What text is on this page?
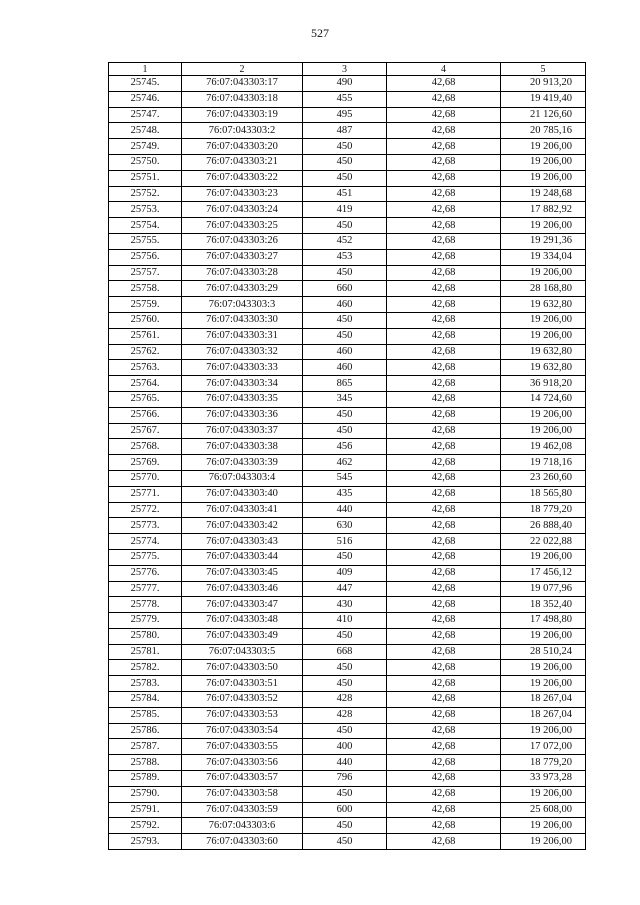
527
1	2	3	4	5
25745.	76:07:043303:17	490	42,68	20 913,20
25746.	76:07:043303:18	455	42,68	19 419,40
25747.	76:07:043303:19	495	42,68	21 126,60
25748.	76:07:043303:2	487	42,68	20 785,16
25749.	76:07:043303:20	450	42,68	19 206,00
25750.	76:07:043303:21	450	42,68	19 206,00
25751.	76:07:043303:22	450	42,68	19 206,00
25752.	76:07:043303:23	451	42,68	19 248,68
25753.	76:07:043303:24	419	42,68	17 882,92
25754.	76:07:043303:25	450	42,68	19 206,00
25755.	76:07:043303:26	452	42,68	19 291,36
25756.	76:07:043303:27	453	42,68	19 334,04
25757.	76:07:043303:28	450	42,68	19 206,00
25758.	76:07:043303:29	660	42,68	28 168,80
25759.	76:07:043303:3	460	42,68	19 632,80
25760.	76:07:043303:30	450	42,68	19 206,00
25761.	76:07:043303:31	450	42,68	19 206,00
25762.	76:07:043303:32	460	42,68	19 632,80
25763.	76:07:043303:33	460	42,68	19 632,80
25764.	76:07:043303:34	865	42,68	36 918,20
25765.	76:07:043303:35	345	42,68	14 724,60
25766.	76:07:043303:36	450	42,68	19 206,00
25767.	76:07:043303:37	450	42,68	19 206,00
25768.	76:07:043303:38	456	42,68	19 462,08
25769.	76:07:043303:39	462	42,68	19 718,16
25770.	76:07:043303:4	545	42,68	23 260,60
25771.	76:07:043303:40	435	42,68	18 565,80
25772.	76:07:043303:41	440	42,68	18 779,20
25773.	76:07:043303:42	630	42,68	26 888,40
25774.	76:07:043303:43	516	42,68	22 022,88
25775.	76:07:043303:44	450	42,68	19 206,00
25776.	76:07:043303:45	409	42,68	17 456,12
25777.	76:07:043303:46	447	42,68	19 077,96
25778.	76:07:043303:47	430	42,68	18 352,40
25779.	76:07:043303:48	410	42,68	17 498,80
25780.	76:07:043303:49	450	42,68	19 206,00
25781.	76:07:043303:5	668	42,68	28 510,24
25782.	76:07:043303:50	450	42,68	19 206,00
25783.	76:07:043303:51	450	42,68	19 206,00
25784.	76:07:043303:52	428	42,68	18 267,04
25785.	76:07:043303:53	428	42,68	18 267,04
25786.	76:07:043303:54	450	42,68	19 206,00
25787.	76:07:043303:55	400	42,68	17 072,00
25788.	76:07:043303:56	440	42,68	18 779,20
25789.	76:07:043303:57	796	42,68	33 973,28
25790.	76:07:043303:58	450	42,68	19 206,00
25791.	76:07:043303:59	600	42,68	25 608,00
25792.	76:07:043303:6	450	42,68	19 206,00
25793.	76:07:043303:60	450	42,68	19 206,00
